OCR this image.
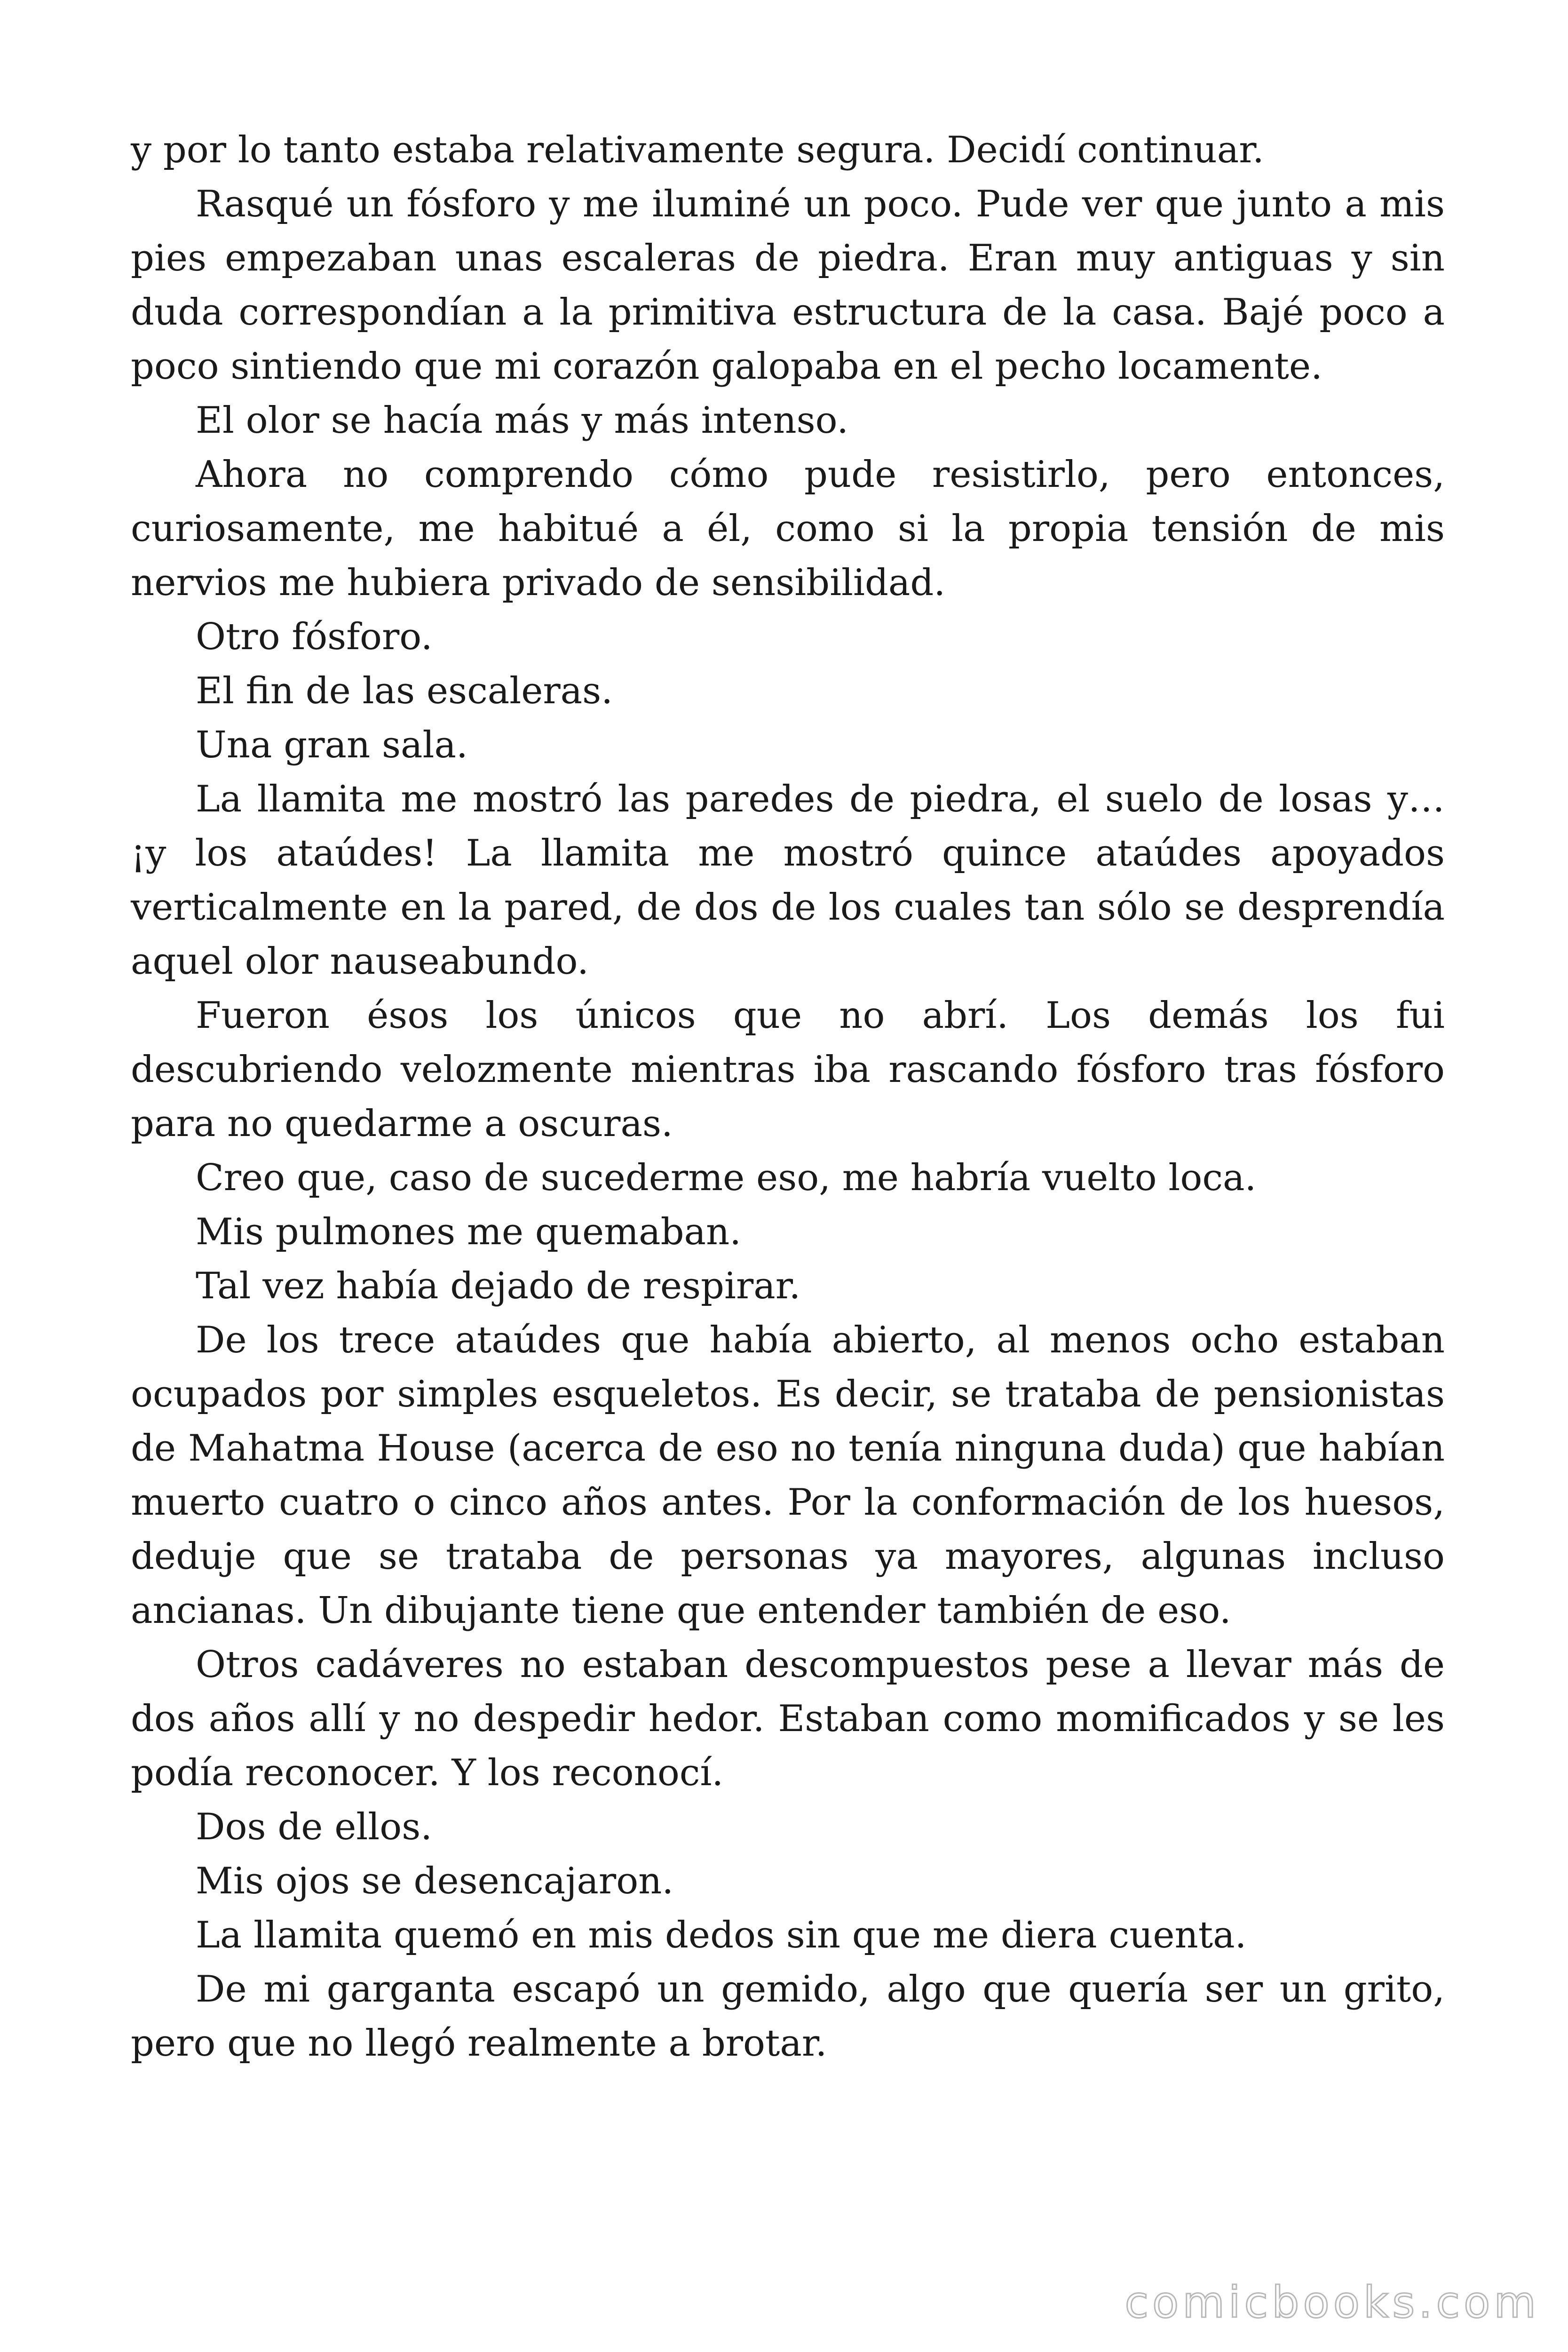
y por lo tanto estaba relativamente segura. Decidí continuar.

Rasqué un fósforo y me iluminé un poco. Pude ver que junto a mis pies empezaban unas escaleras de piedra. Eran muy antiguas y sin duda correspondían a la primitiva estructura de la casa. Bajé poco a poco sintiendo que mi corazón galopaba en el pecho locamente.

El olor se hacía más y más intenso.

Ahora no comprendo cómo pude resistirlo, pero entonces, curiosamente, me habitué a él, como si la propia tensión de mis nervios me hubiera privado de sensibilidad.

Otro fósforo.

El fin de las escaleras.

Una gran sala.

La llamita me mostró las paredes de piedra, el suelo de losas y… ¡y los ataúdes! La llamita me mostró quince ataúdes apoyados verticalmente en la pared, de dos de los cuales tan sólo se desprendía aquel olor nauseabundo.

Fueron ésos los únicos que no abrí. Los demás los fui descubriendo velozmente mientras iba rascando fósforo tras fósforo para no quedarme a oscuras.

Creo que, caso de sucederme eso, me habría vuelto loca.

Mis pulmones me quemaban.

Tal vez había dejado de respirar.

De los trece ataúdes que había abierto, al menos ocho estaban ocupados por simples esqueletos. Es decir, se trataba de pensionistas de Mahatma House (acerca de eso no tenía ninguna duda) que habían muerto cuatro o cinco años antes. Por la conformación de los huesos, deduje que se trataba de personas ya mayores, algunas incluso ancianas. Un dibujante tiene que entender también de eso.

Otros cadáveres no estaban descompuestos pese a llevar más de dos años allí y no despedir hedor. Estaban como momificados y se les podía reconocer. Y los reconocí.

Dos de ellos.

Mis ojos se desencajaron.

La llamita quemó en mis dedos sin que me diera cuenta.

De mi garganta escapó un gemido, algo que quería ser un grito, pero que no llegó realmente a brotar.

comicbooks.com
